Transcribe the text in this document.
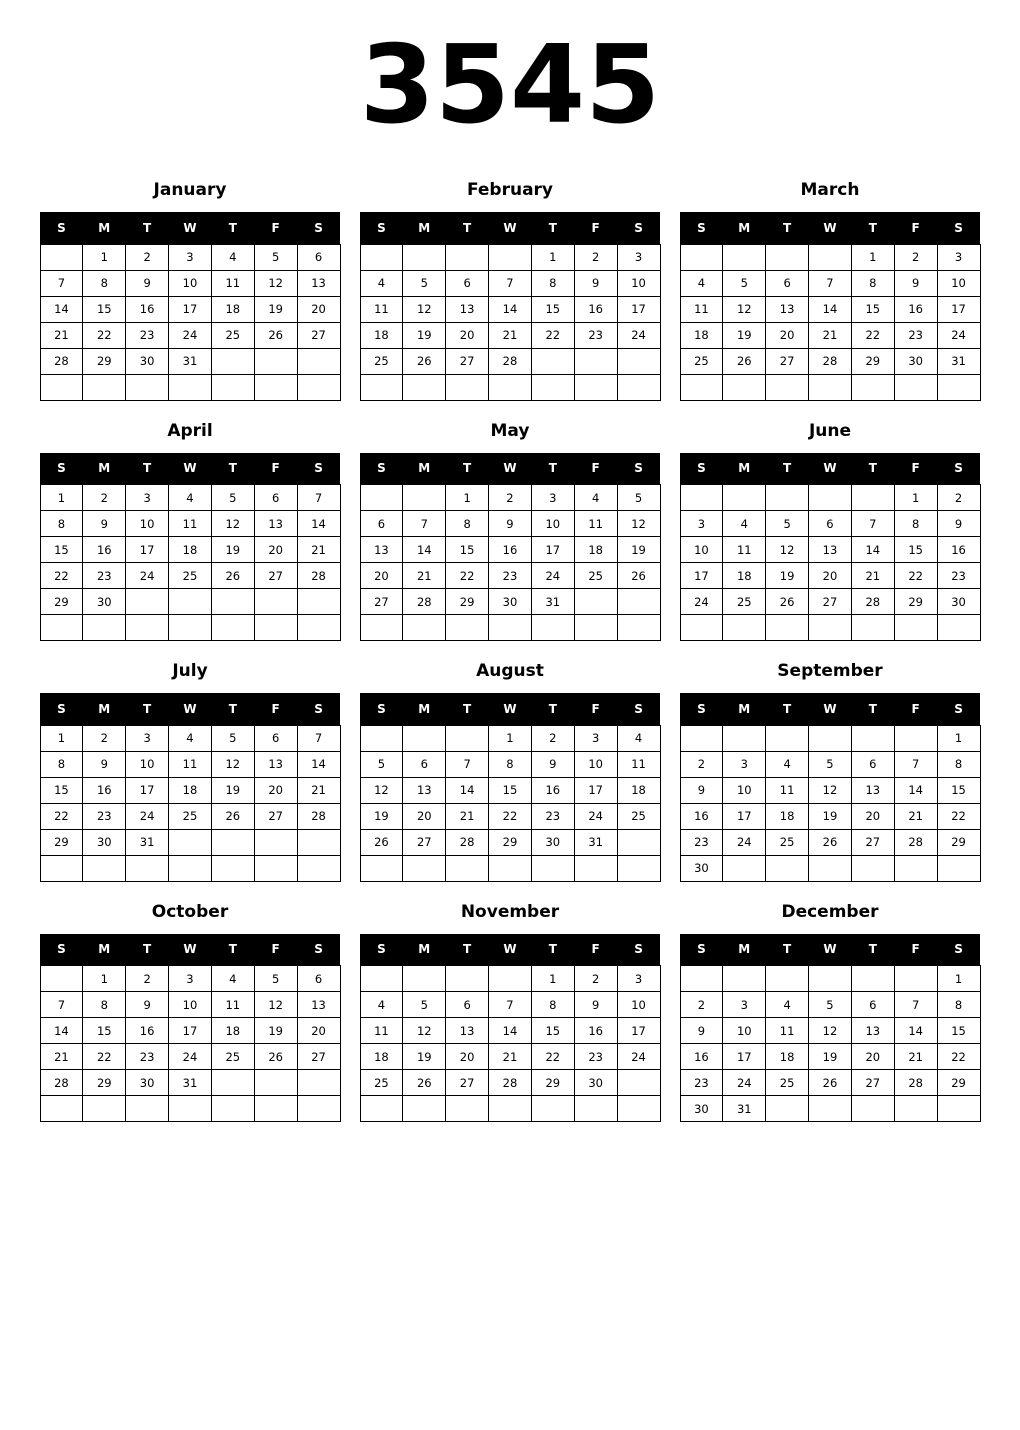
3545
January
S	M	T	W	T	F	S
	1	2	3	4	5	6
7	8	9	10	11	12	13
14	15	16	17	18	19	20
21	22	23	24	25	26	27
28	29	30	31			

February
S	M	T	W	T	F	S
				1	2	3
4	5	6	7	8	9	10
11	12	13	14	15	16	17
18	19	20	21	22	23	24
25	26	27	28			

March
S	M	T	W	T	F	S
				1	2	3
4	5	6	7	8	9	10
11	12	13	14	15	16	17
18	19	20	21	22	23	24
25	26	27	28	29	30	31

April
S	M	T	W	T	F	S
1	2	3	4	5	6	7
8	9	10	11	12	13	14
15	16	17	18	19	20	21
22	23	24	25	26	27	28
29	30					

May
S	M	T	W	T	F	S
		1	2	3	4	5
6	7	8	9	10	11	12
13	14	15	16	17	18	19
20	21	22	23	24	25	26
27	28	29	30	31		

June
S	M	T	W	T	F	S
					1	2
3	4	5	6	7	8	9
10	11	12	13	14	15	16
17	18	19	20	21	22	23
24	25	26	27	28	29	30

July
S	M	T	W	T	F	S
1	2	3	4	5	6	7
8	9	10	11	12	13	14
15	16	17	18	19	20	21
22	23	24	25	26	27	28
29	30	31				

August
S	M	T	W	T	F	S
			1	2	3	4
5	6	7	8	9	10	11
12	13	14	15	16	17	18
19	20	21	22	23	24	25
26	27	28	29	30	31	

September
S	M	T	W	T	F	S
						1
2	3	4	5	6	7	8
9	10	11	12	13	14	15
16	17	18	19	20	21	22
23	24	25	26	27	28	29
30						
October
S	M	T	W	T	F	S
	1	2	3	4	5	6
7	8	9	10	11	12	13
14	15	16	17	18	19	20
21	22	23	24	25	26	27
28	29	30	31			

November
S	M	T	W	T	F	S
				1	2	3
4	5	6	7	8	9	10
11	12	13	14	15	16	17
18	19	20	21	22	23	24
25	26	27	28	29	30	

December
S	M	T	W	T	F	S
						1
2	3	4	5	6	7	8
9	10	11	12	13	14	15
16	17	18	19	20	21	22
23	24	25	26	27	28	29
30	31					
